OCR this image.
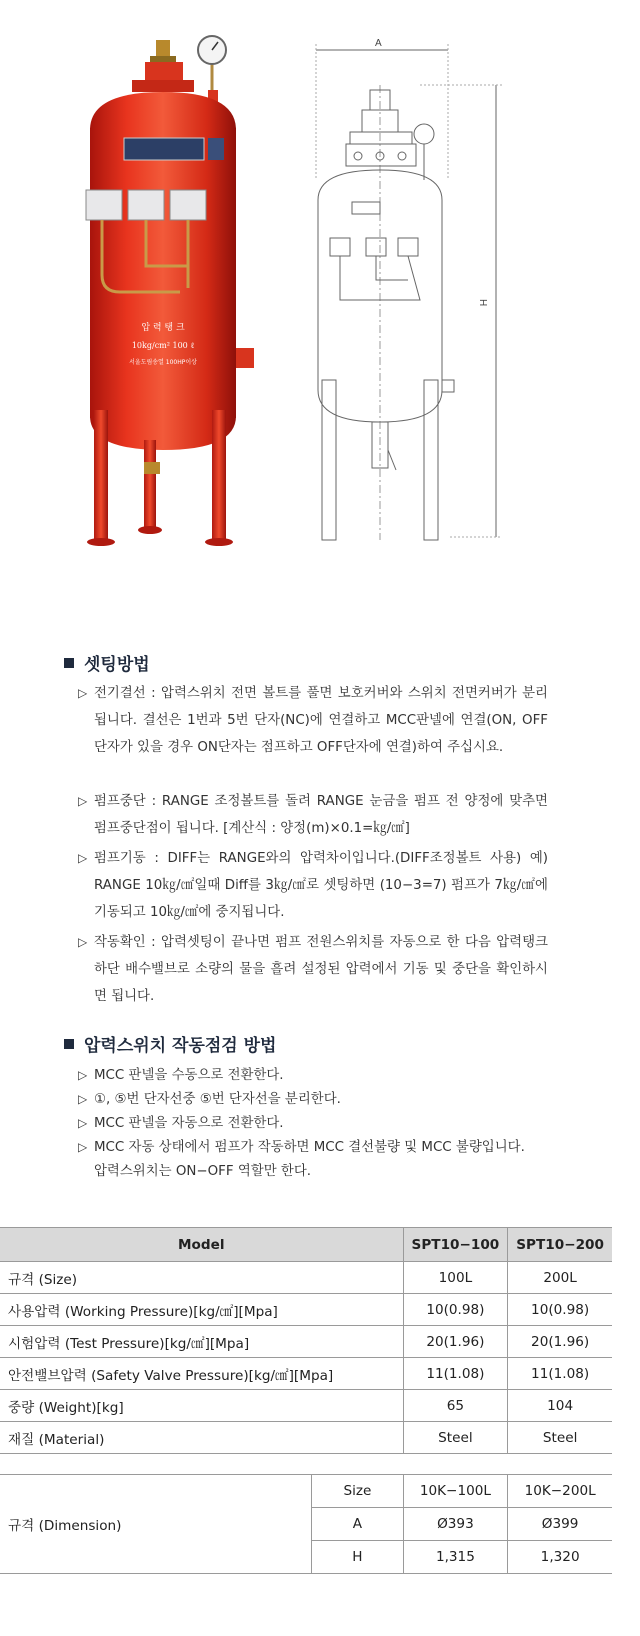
압 력 탱 크
10kg/cm² 100 ℓ
서울도림송열 100HP이상
A
H
셋팅방법
▷ 전기결선 : 압력스위치 전면 볼트를 풀면 보호커버와 스위치 전면커버가 분리됩니다. 결선은 1번과 5번 단자(NC)에 연결하고 MCC판넬에 연결(ON, OFF단자가 있을 경우 ON단자는 점프하고 OFF단자에 연결)하여 주십시요.
▷ 펌프중단 : RANGE 조정볼트를 돌려 RANGE 눈금을 펌프 전 양정에 맞추면 펌프중단점이 됩니다. [계산식 : 양정(m)×0.1=㎏/㎠]
▷ 펌프기동 : DIFF는 RANGE와의 압력차이입니다.(DIFF조정볼트 사용) 예) RANGE 10㎏/㎠일때 Diff를 3㎏/㎠로 셋팅하면 (10−3=7) 펌프가 7㎏/㎠에 기동되고 10㎏/㎠에 중지됩니다.
▷ 작동확인 : 압력셋팅이 끝나면 펌프 전원스위치를 자동으로 한 다음 압력탱크 하단 배수밸브로 소량의 물을 흘려 설정된 압력에서 기동 및 중단을 확인하시면 됩니다.
압력스위치 작동점검 방법
▷ MCC 판넬을 수동으로 전환한다.
▷ ①, ⑤번 단자선중 ⑤번 단자선을 분리한다.
▷ MCC 판넬을 자동으로 전환한다.
▷ MCC 자동 상태에서 펌프가 작동하면 MCC 결선불량 및 MCC 불량입니다.
압력스위치는 ON−OFF 역할만 한다.
Model		SPT10−100	SPT10−200
규격 (Size)		100L	200L
사용압력 (Working Pressure)[kg/㎠][Mpa]		10(0.98)	10(0.98)
시험압력 (Test Pressure)[kg/㎠][Mpa]		20(1.96)	20(1.96)
안전밸브압력 (Safety Valve Pressure)[kg/㎠][Mpa]		11(1.08)	11(1.08)
중량 (Weight)[kg]		65	104
재질 (Material)		Steel	Steel

규격 (Dimension)	Size	10K−100L	10K−200L
	A	Ø393	Ø399
	H	1,315	1,320
